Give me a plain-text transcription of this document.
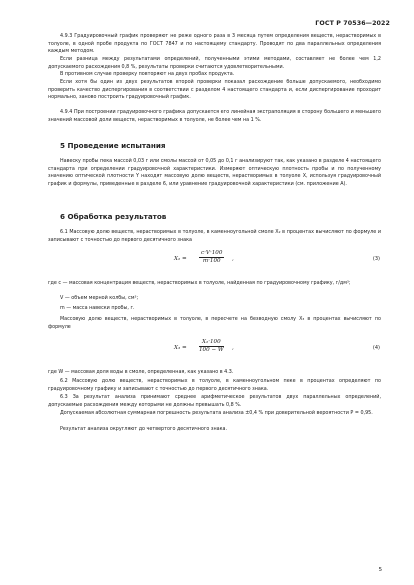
ГОСТ Р 70536—2022

4.9.3 Градуировочный график проверяют не реже одного раза в 3 месяца путем определения веществ, нерастворимых в толуоле, в одной пробе продукта по ГОСТ 7847 и по настоящему стандарту. Проводят по два параллельных определения каждым методом.

Если разница между результатами определений, полученными этими методами, составляет не более чем 1,2 допускаемого расхождения 0,8 %, результаты проверки считаются удовлетворительными.

В противном случае проверку повторяют на двух пробах продукта.

Если хотя бы один из двух результатов второй проверки показал расхождение больше допускаемого, необходимо проверить качество диспергирования в соответствии с разделом 4 настоящего стандарта и, если диспергирование проходит нормально, заново построить градуировочный график.

4.9.4 При построении градуировочного графика допускается его линейная экстраполяция в сторону большего и меньшего значений массовой доли веществ, нерастворимых в толуоле, не более чем на 1 %.

5 Проведение испытания

Навеску пробы пека массой 0,03 г или смолы массой от 0,05 до 0,1 г анализируют так, как указано в разделе 4 настоящего стандарта при определении градуировочной характеристики. Измеряют оптическую плотность пробы и по полученному значению оптической плотности Y находят массовую долю веществ, нерастворимых в толуоле X, используя градуировочный график и формулы, приведенные в разделе 6, или уравнение градуировочной характеристики (см. приложение А).

6 Обработка результатов

6.1 Массовую долю веществ, нерастворимых в толуоле, в каменноугольной смоле X₂ в процентах вычисляют по формуле и записывают с точностью до первого десятичного знака

$X_2 = \frac{c\cdot V\cdot 100}{m\cdot 100}$ ,	(3)

где c — массовая концентрация веществ, нерастворимых в толуоле, найденная по градуировочному графику, г/дм³;

V — объем мерной колбы, см³;

m — масса навески пробы, г.

Массовую долю веществ, нерастворимых в толуоле, в пересчете на безводную смолу X₃ в процентах вычисляют по формуле

$X_3 = \frac{\text{X₂·100}}{100 - W}$ ,	(4)

где W — массовая доля воды в смоле, определенная, как указано в 4.3.

6.2 Массовую долю веществ, нерастворимых в толуоле, в каменноугольном пеке в процентах определяют по градуировочному графику и записывают с точностью до первого десятичного знака.

6.3 За результат анализа принимают среднее арифметическое результатов двух параллельных определений, допускаемые расхождения между которыми не должны превышать 0,8 %.

Допускаемая абсолютная суммарная погрешность результата анализа ±0,4 % при доверительной вероятности P = 0,95.

Результат анализа округляют до четвертого десятичного знака.

5
